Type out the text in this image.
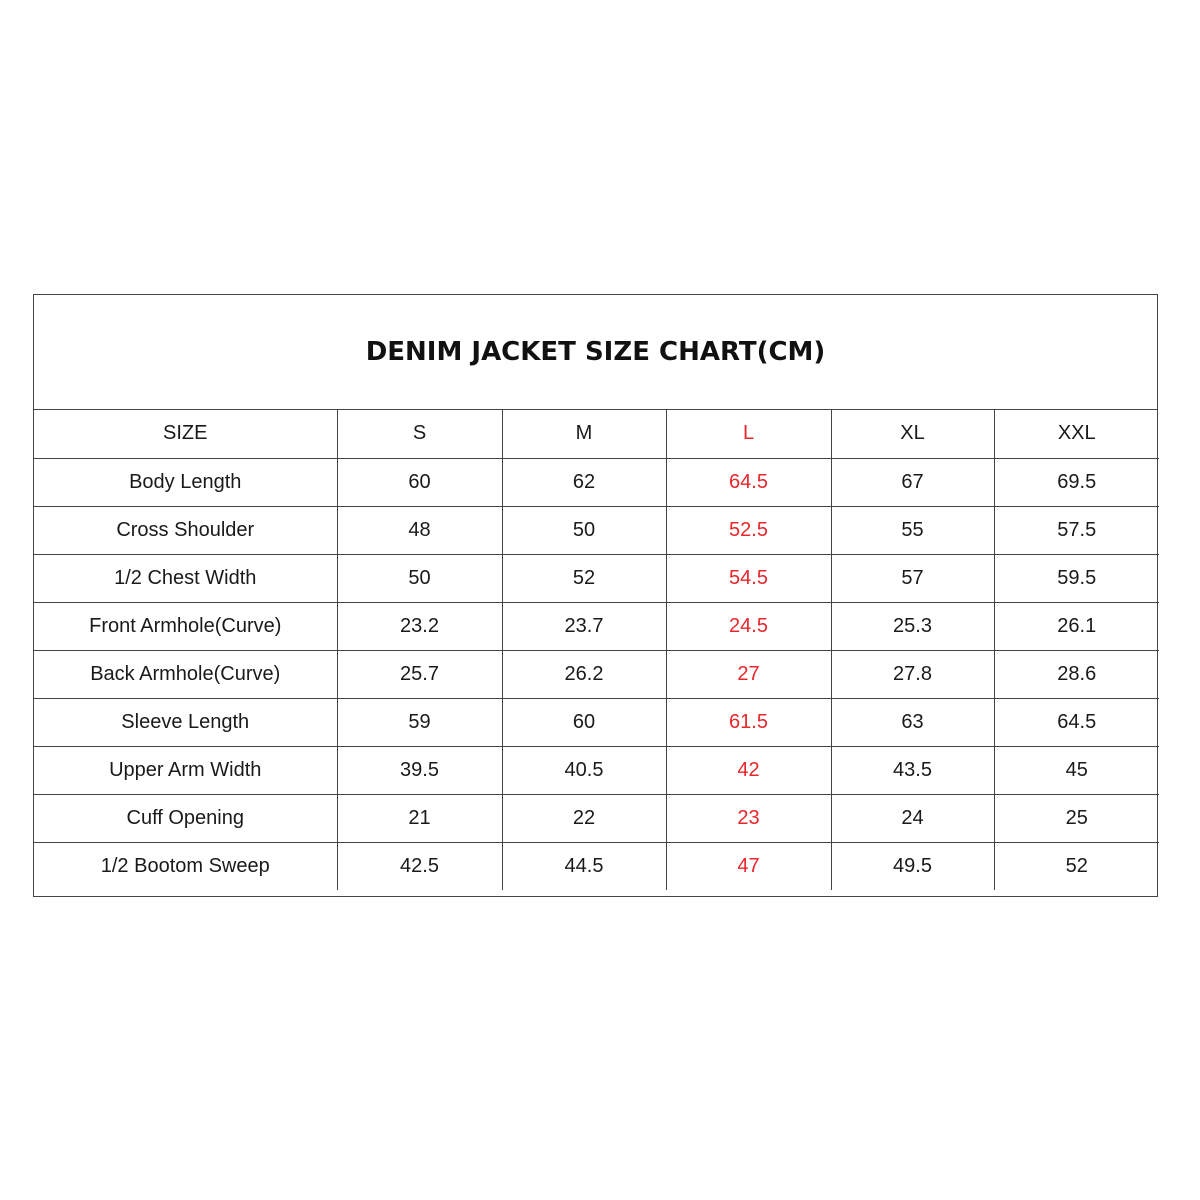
DENIM JACKET SIZE CHART(CM)
SIZE	S	M	L	XL	XXL
Body Length	60	62	64.5	67	69.5
Cross Shoulder	48	50	52.5	55	57.5
1/2 Chest Width	50	52	54.5	57	59.5
Front Armhole(Curve)	23.2	23.7	24.5	25.3	26.1
Back Armhole(Curve)	25.7	26.2	27	27.8	28.6
Sleeve Length	59	60	61.5	63	64.5
Upper Arm Width	39.5	40.5	42	43.5	45
Cuff Opening	21	22	23	24	25
1/2 Bootom Sweep	42.5	44.5	47	49.5	52
